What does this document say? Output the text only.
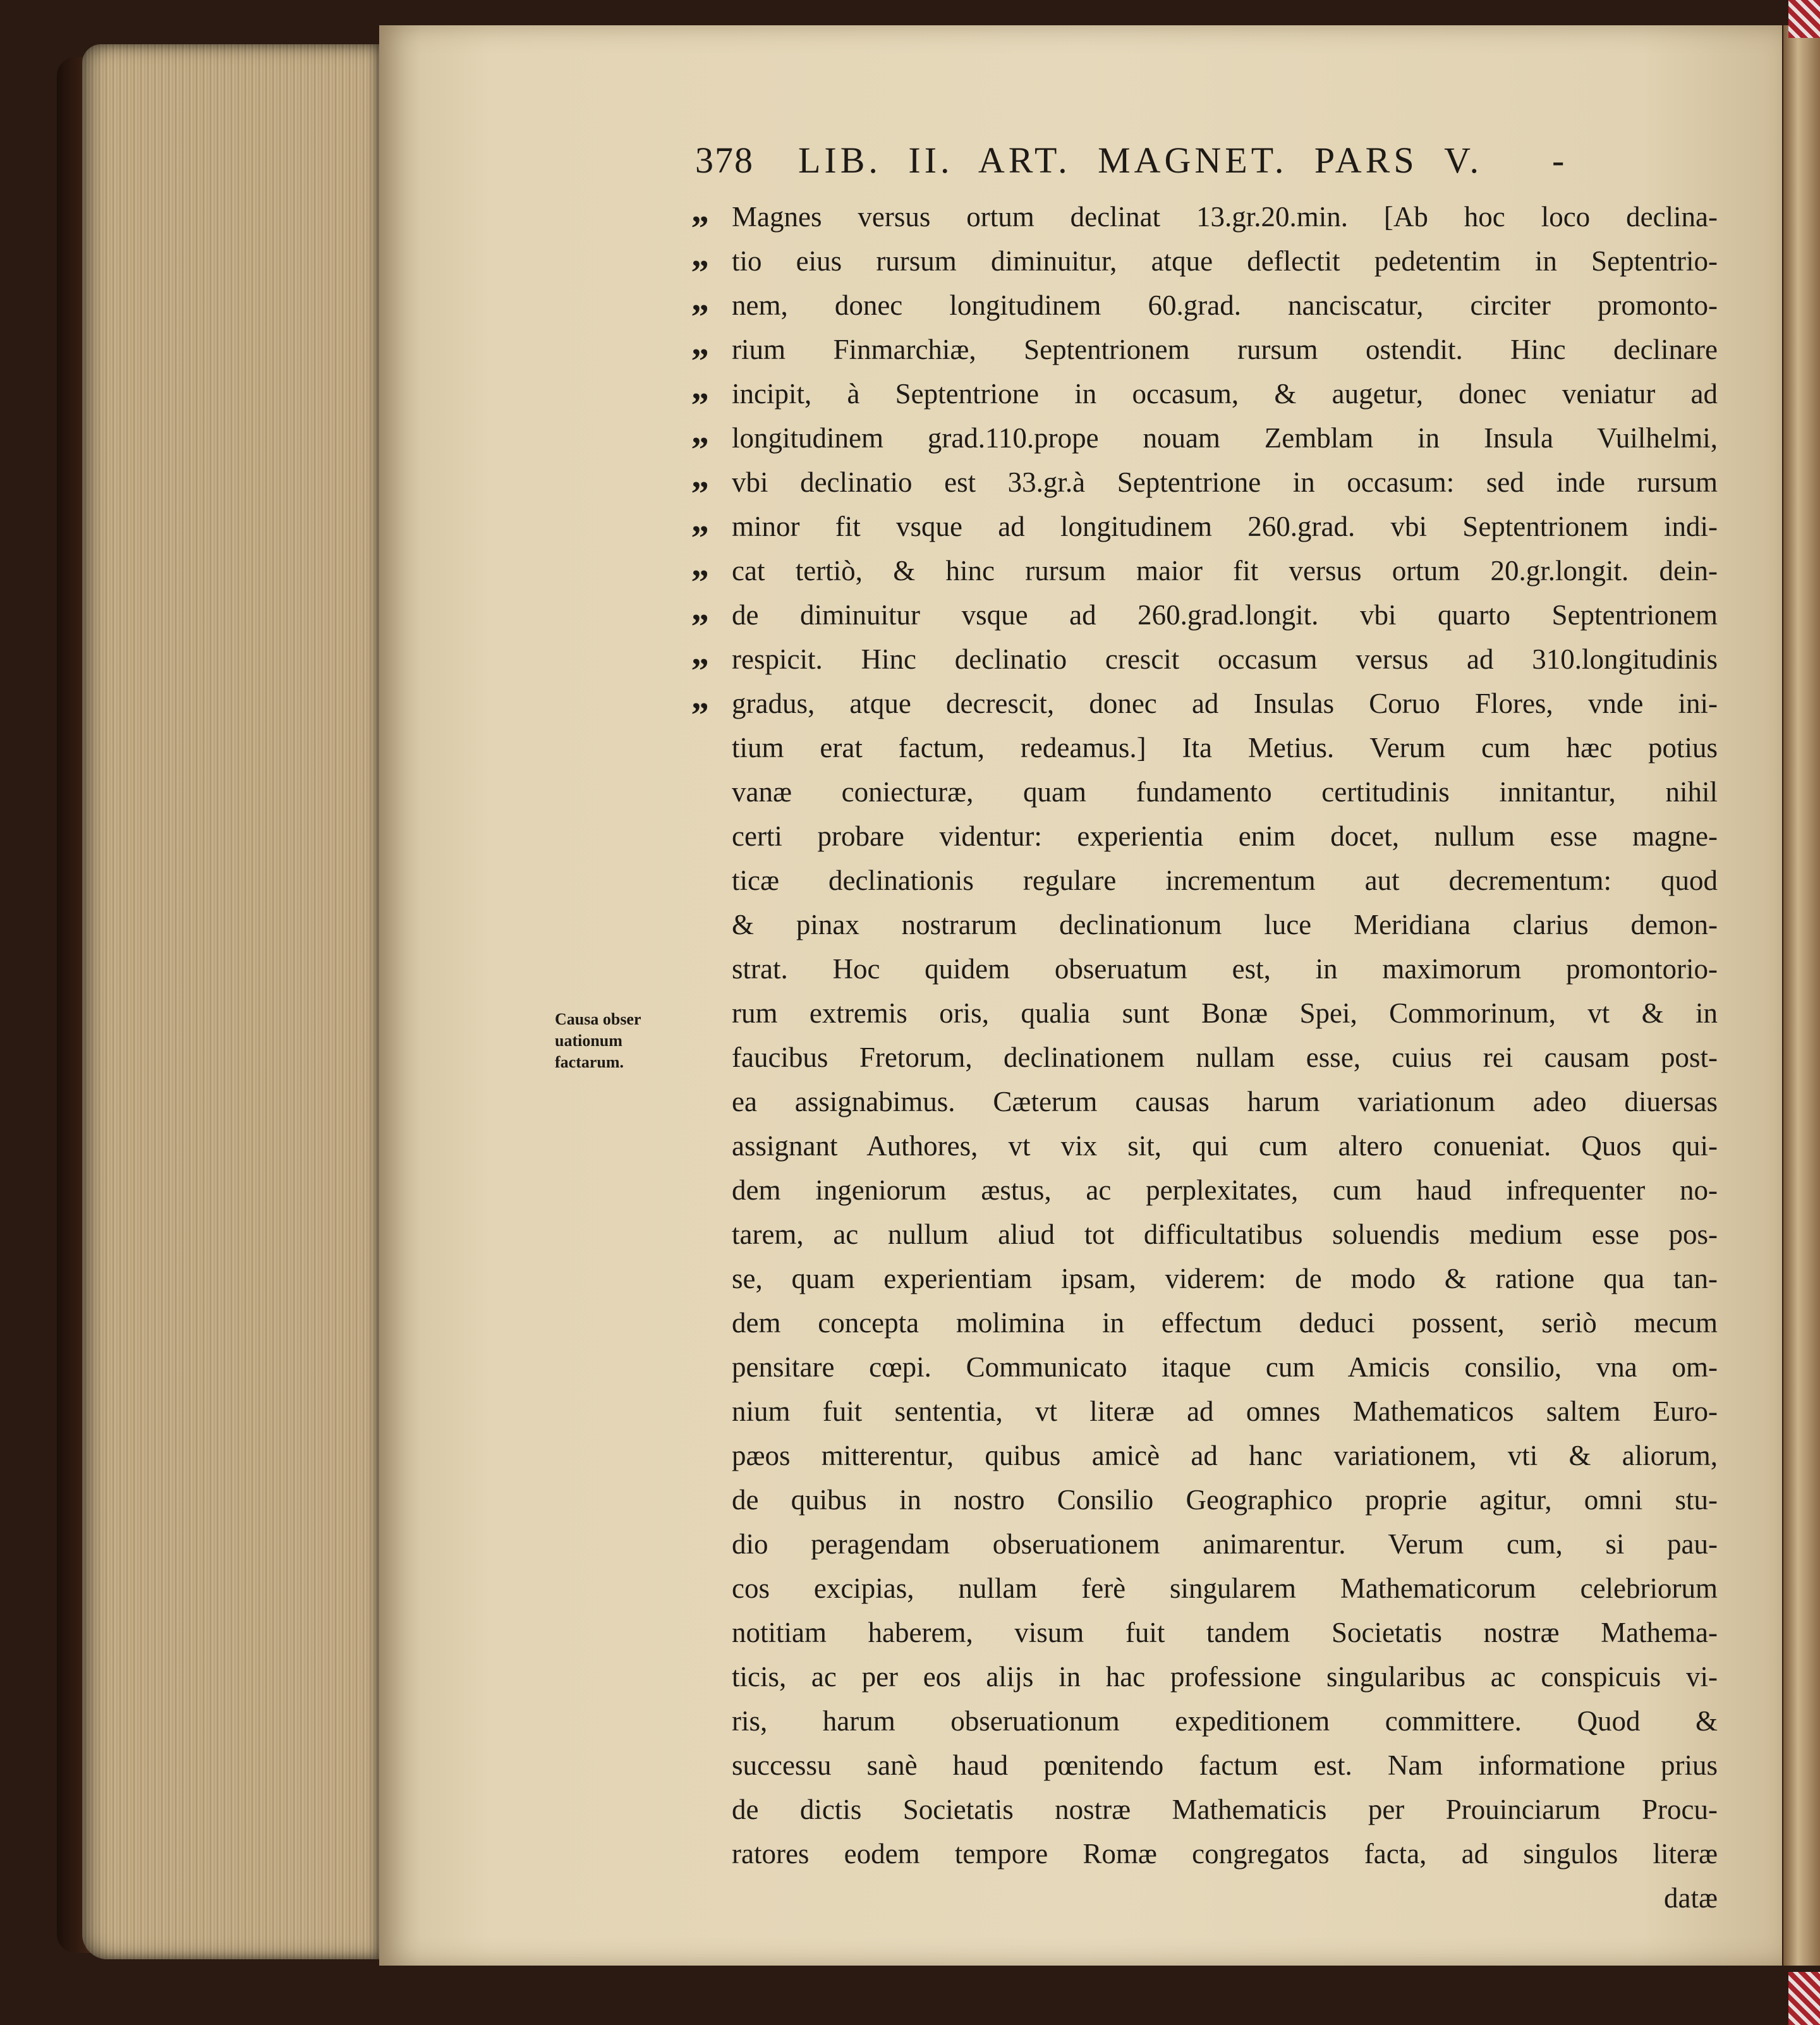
378 LIB. II. ART. MAGNET. PARS V. -
Causa obser
uationum
factarum.
„
„
„
„
„
„
„
„
„
„
„
„
Magnes versus ortum declinat 13.gr.20.min. [Ab hoc loco declina-
tio eius rursum diminuitur, atque deflectit pedetentim in Septentrio-
nem, donec longitudinem 60.grad. nanciscatur, circiter promonto-
rium Finmarchiæ, Septentrionem rursum ostendit. Hinc declinare
incipit, à Septentrione in occasum, & augetur, donec veniatur ad
longitudinem grad.110.prope nouam Zemblam in Insula Vuilhelmi,
vbi declinatio est 33.gr.à Septentrione in occasum: sed inde rursum
minor fit vsque ad longitudinem 260.grad. vbi Septentrionem indi-
cat tertiò, & hinc rursum maior fit versus ortum 20.gr.longit. dein-
de diminuitur vsque ad 260.grad.longit. vbi quarto Septentrionem
respicit. Hinc declinatio crescit occasum versus ad 310.longitudinis
gradus, atque decrescit, donec ad Insulas Coruo Flores, vnde ini-
tium erat factum, redeamus.] Ita Metius. Verum cum hæc potius
vanæ coniecturæ, quam fundamento certitudinis innitantur, nihil
certi probare videntur: experientia enim docet, nullum esse magne-
ticæ declinationis regulare incrementum aut decrementum: quod
& pinax nostrarum declinationum luce Meridiana clarius demon-
strat. Hoc quidem obseruatum est, in maximorum promontorio-
rum extremis oris, qualia sunt Bonæ Spei, Commorinum, vt & in
faucibus Fretorum, declinationem nullam esse, cuius rei causam post-
ea assignabimus. Cæterum causas harum variationum adeo diuersas
assignant Authores, vt vix sit, qui cum altero conueniat. Quos qui-
dem ingeniorum æstus, ac perplexitates, cum haud infrequenter no-
tarem, ac nullum aliud tot difficultatibus soluendis medium esse pos-
se, quam experientiam ipsam, viderem: de modo & ratione qua tan-
dem concepta molimina in effectum deduci possent, seriò mecum
pensitare cœpi. Communicato itaque cum Amicis consilio, vna om-
nium fuit sententia, vt literæ ad omnes Mathematicos saltem Euro-
pæos mitterentur, quibus amicè ad hanc variationem, vti & aliorum,
de quibus in nostro Consilio Geographico proprie agitur, omni stu-
dio peragendam obseruationem animarentur. Verum cum, si pau-
cos excipias, nullam ferè singularem Mathematicorum celebriorum
notitiam haberem, visum fuit tandem Societatis nostræ Mathema-
ticis, ac per eos alijs in hac professione singularibus ac conspicuis vi-
ris, harum obseruationum expeditionem committere. Quod &
successu sanè haud pœnitendo factum est. Nam informatione prius
de dictis Societatis nostræ Mathematicis per Prouinciarum Procu-
ratores eodem tempore Romæ congregatos facta, ad singulos literæ
datæ
